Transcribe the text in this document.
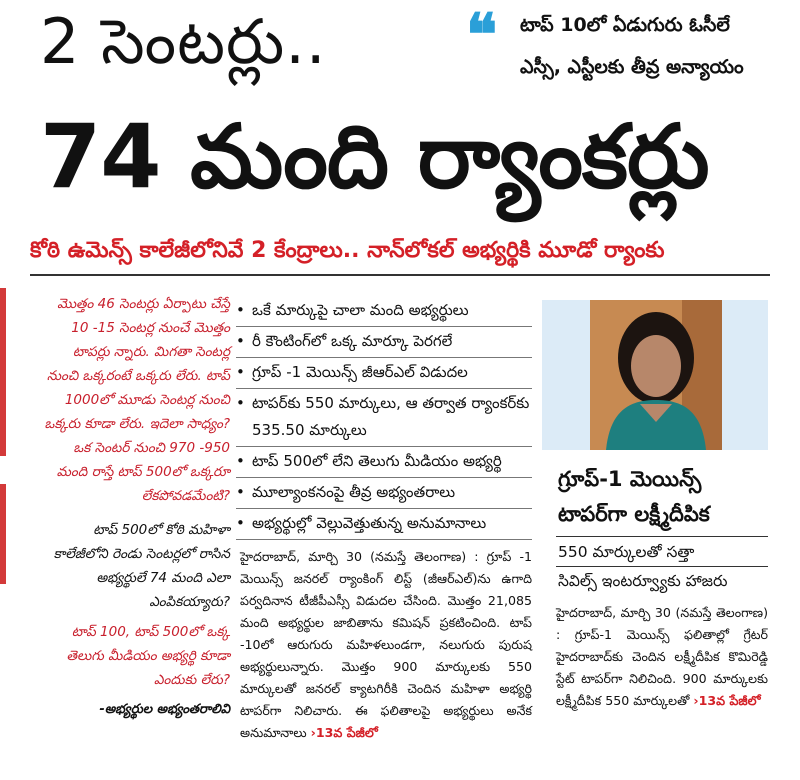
2 సెంటర్లు..
74 మంది ర్యాంకర్లు
❝ టాప్ 10లో ఏడుగురు ఓసీలే
ఎస్సీ, ఎస్టీలకు తీవ్ర అన్యాయం
కోఠి ఉమెన్స్ కాలేజీలోనివే 2 కేంద్రాలు.. నాన్‌లోకల్ అభ్యర్థికి మూడో ర్యాంకు

మొత్తం 46 సెంటర్లు ఏర్పాటు చేస్తే 10 -15 సెంటర్ల నుంచే మొత్తం టాపర్లు న్నారు. మిగతా సెంటర్ల నుంచి ఒక్కరంటే ఒక్కరు లేరు. టాప్ 1000లో మూడు సెంటర్ల నుంచి ఒక్కరు కూడా లేరు. ఇదెలా సాధ్యం? ఒక సెంటర్ నుంచి 970 -950 మంది రాస్తే టాప్ 500లో ఒక్కరూ లేకపోవడమేంటి?

టాప్ 500లో కోఠి మహిళా కాలేజీలోని రెండు సెంటర్లలో రాసిన అభ్యర్థులే 74 మంది ఎలా ఎంపికయ్యారు?

టాప్ 100, టాప్ 500లో ఒక్క తెలుగు మీడియం అభ్యర్థి కూడా ఎందుకు లేరు?

-అభ్యర్థుల అభ్యంతరాలివి

• ఒకే మార్కుపై చాలా మంది అభ్యర్థులు
• రీ కౌంటింగ్‌లో ఒక్క మార్కూ పెరగలే
• గ్రూప్ -1 మెయిన్స్ జీఆర్ఎల్ విడుదల
• టాపర్‌కు 550 మార్కులు, ఆ తర్వాత ర్యాంకర్‌కు 535.50 మార్కులు
• టాప్ 500లో లేని తెలుగు మీడియం అభ్యర్థి
• మూల్యాంకనంపై తీవ్ర అభ్యంతరాలు
• అభ్యర్థుల్లో వెల్లువెత్తుతున్న అనుమానాలు
హైదరాబాద్, మార్చి 30 (నమస్తే తెలంగాణ) : గ్రూప్ -1 మెయిన్స్ జనరల్ ర్యాంకింగ్ లిస్ట్ (జీఆర్ఎల్)ను ఉగాది పర్వదినాన టీజీపీఎస్సీ విడుదల చేసింది. మొత్తం 21,085 మంది అభ్యర్థుల జాబితాను కమిషన్ ప్రకటించింది. టాప్ -10లో ఆరుగురు మహిళలుండగా, నలుగురు పురుష అభ్యర్థులున్నారు. మొత్తం 900 మార్కులకు 550 మార్కులతో జనరల్ క్యాటగిరీకి చెందిన మహిళా అభ్యర్థి టాపర్‌గా నిలిచారు. ఈ ఫలితాలపై అభ్యర్థులు అనేక అనుమానాలు ›13వ పేజీలో
గ్రూప్-1 మెయిన్స్ టాపర్‌గా లక్ష్మీదీపిక
550 మార్కులతో సత్తా
సివిల్స్ ఇంటర్వ్యూకు హాజరు
హైదరాబాద్, మార్చి 30 (నమస్తే తెలంగాణ) : గ్రూప్-1 మెయిన్స్ ఫలితాల్లో గ్రేటర్ హైదరాబాద్‌కు చెందిన లక్ష్మీదీపిక కొమిరెడ్డి స్టేట్ టాపర్‌గా నిలిచింది. 900 మార్కులకు లక్ష్మీదీపిక 550 మార్కులతో ›13వ పేజీలో
